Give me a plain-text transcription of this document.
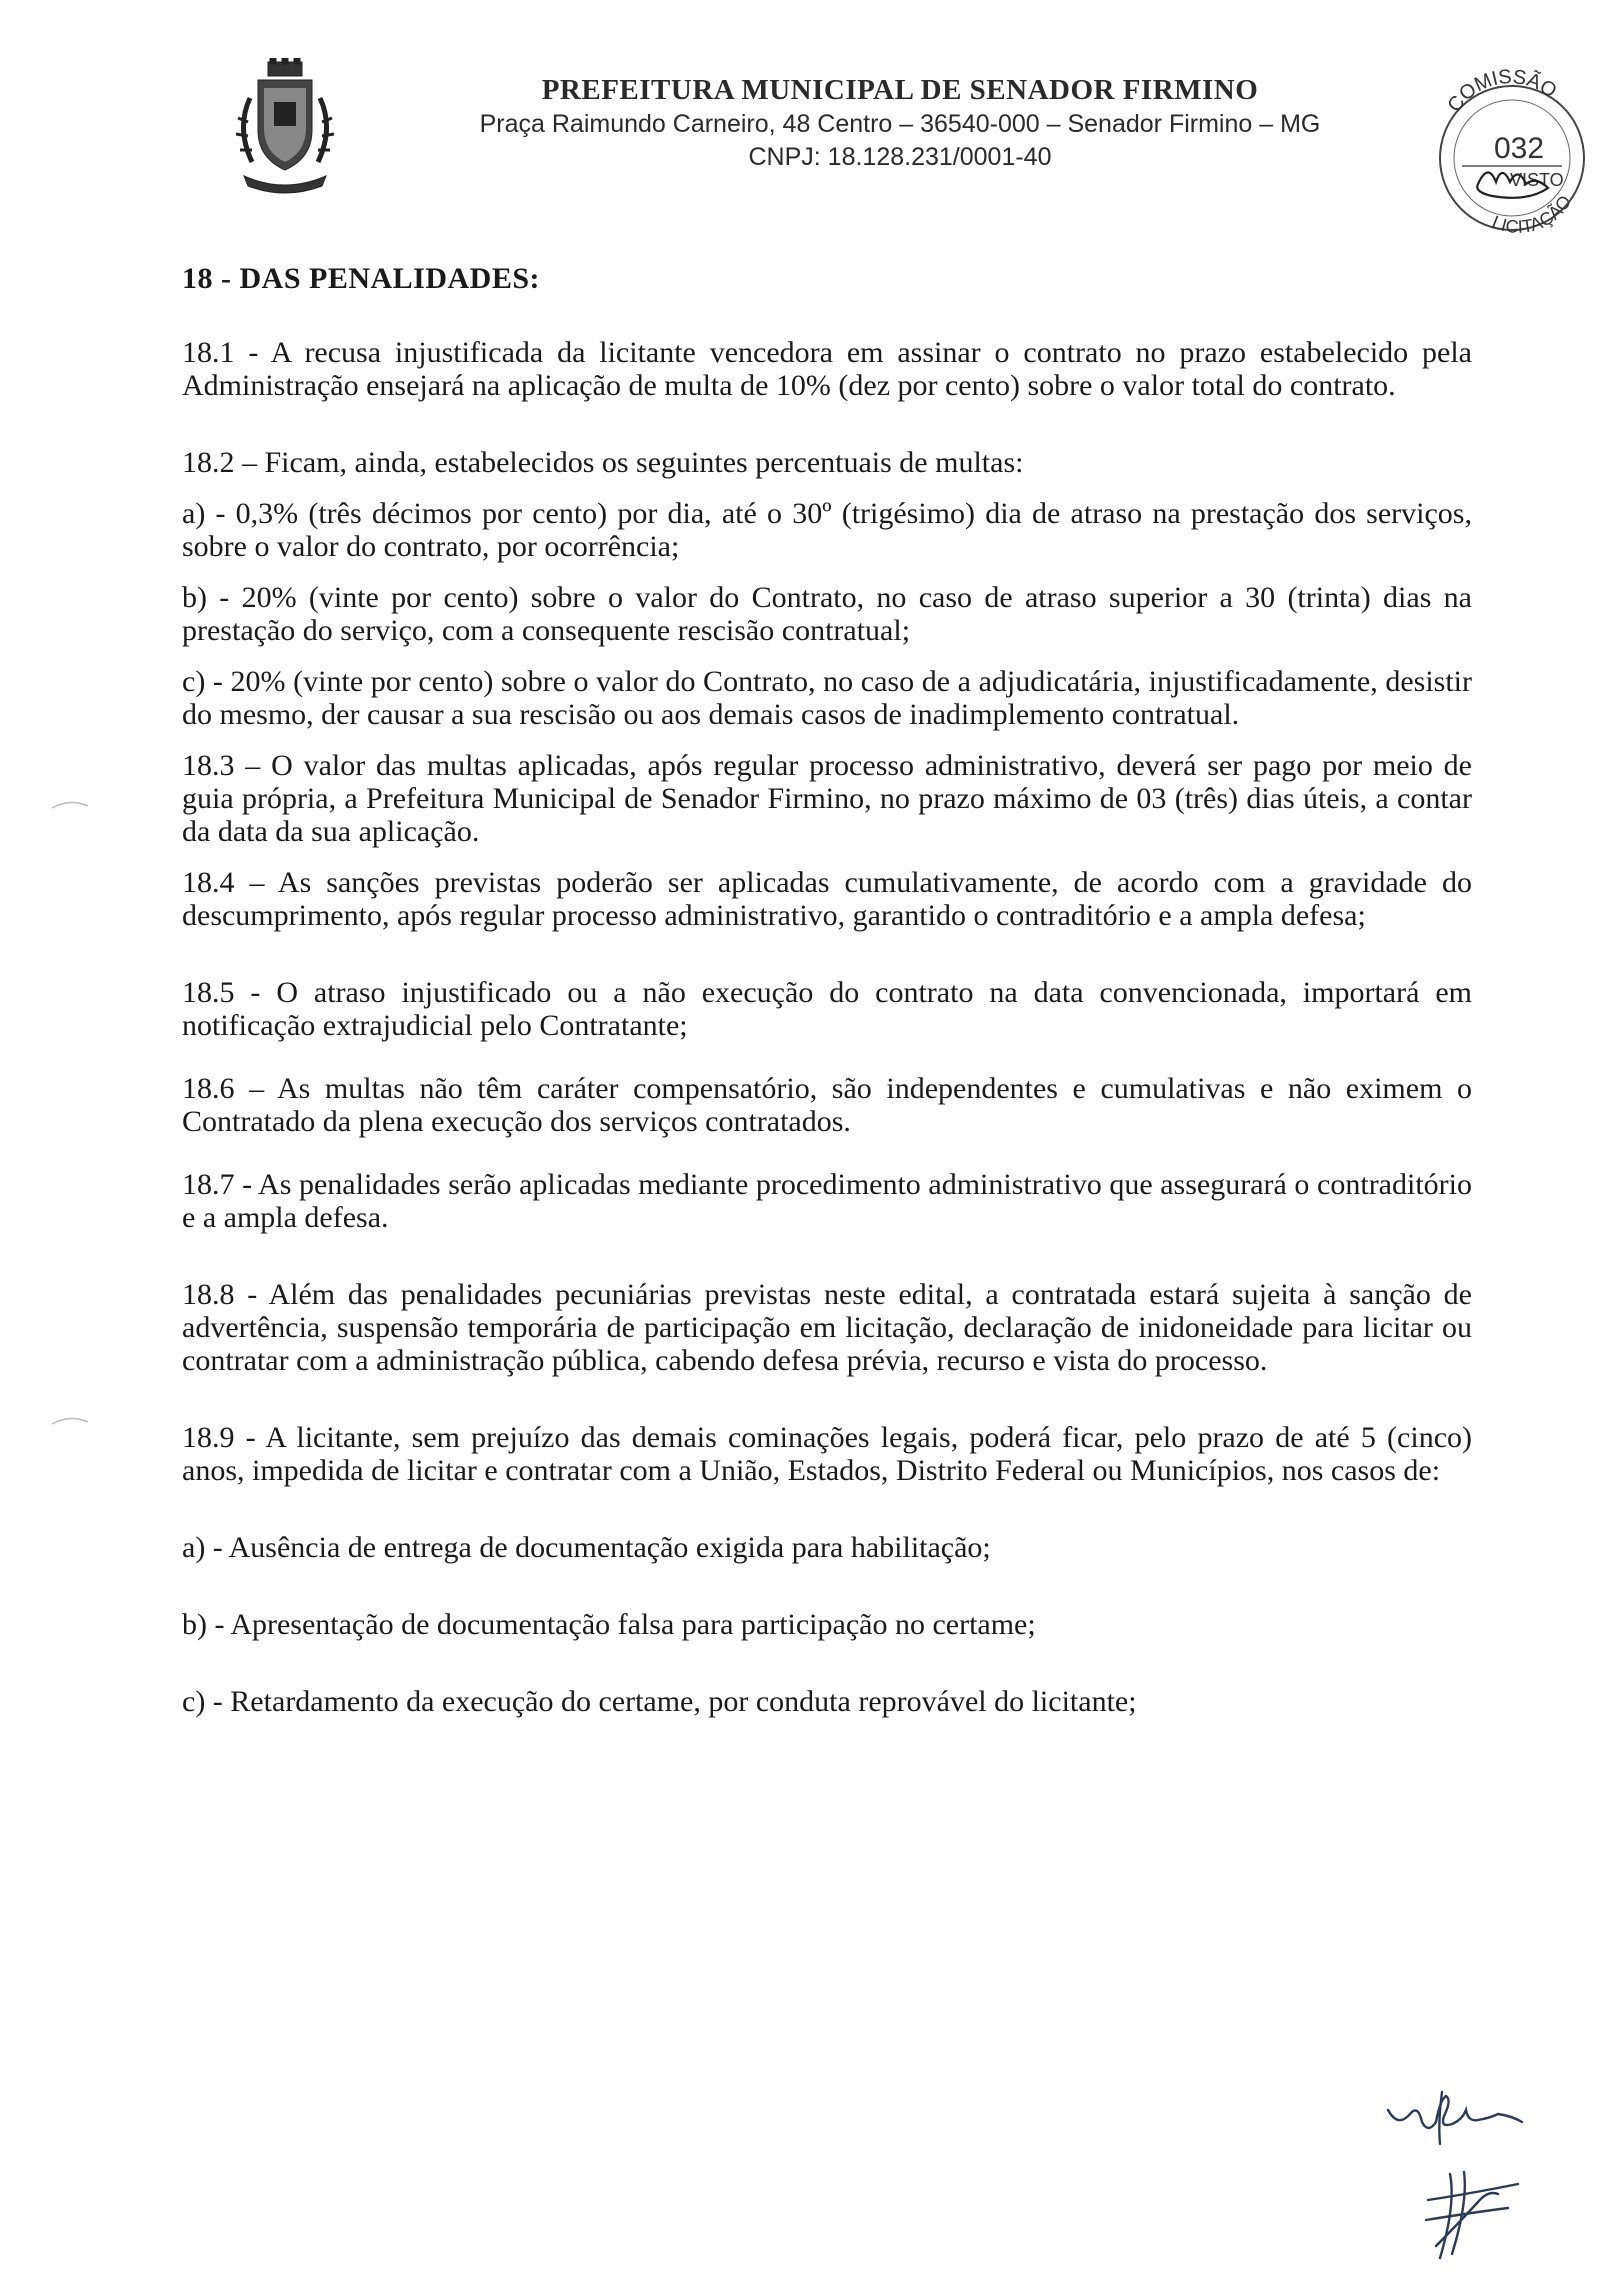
PREFEITURA MUNICIPAL DE SENADOR FIRMINO
Praça Raimundo Carneiro, 48 Centro – 36540-000 – Senador Firmino – MG
CNPJ: 18.128.231/0001-40
COMISSÃO
032
VISTO
LICITAÇÃO
18 - DAS PENALIDADES:

18.1 - A recusa injustificada da licitante vencedora em assinar o contrato no prazo estabelecido pela Administração ensejará na aplicação de multa de 10% (dez por cento) sobre o valor total do contrato.

18.2 – Ficam, ainda, estabelecidos os seguintes percentuais de multas:

a) - 0,3% (três décimos por cento) por dia, até o 30º (trigésimo) dia de atraso na prestação dos serviços, sobre o valor do contrato, por ocorrência;

b) - 20% (vinte por cento) sobre o valor do Contrato, no caso de atraso superior a 30 (trinta) dias na prestação do serviço, com a consequente rescisão contratual;

c) - 20% (vinte por cento) sobre o valor do Contrato, no caso de a adjudicatária, injustificadamente, desistir do mesmo, der causar a sua rescisão ou aos demais casos de inadimplemento contratual.

18.3 – O valor das multas aplicadas, após regular processo administrativo, deverá ser pago por meio de guia própria, a Prefeitura Municipal de Senador Firmino, no prazo máximo de 03 (três) dias úteis, a contar da data da sua aplicação.

18.4 – As sanções previstas poderão ser aplicadas cumulativamente, de acordo com a gravidade do descumprimento, após regular processo administrativo, garantido o contraditório e a ampla defesa;

18.5 - O atraso injustificado ou a não execução do contrato na data convencionada, importará em notificação extrajudicial pelo Contratante;

18.6 – As multas não têm caráter compensatório, são independentes e cumulativas e não eximem o Contratado da plena execução dos serviços contratados.

18.7 - As penalidades serão aplicadas mediante procedimento administrativo que assegurará o contraditório e a ampla defesa.

18.8 - Além das penalidades pecuniárias previstas neste edital, a contratada estará sujeita à sanção de advertência, suspensão temporária de participação em licitação, declaração de inidoneidade para licitar ou contratar com a administração pública, cabendo defesa prévia, recurso e vista do processo.

18.9 - A licitante, sem prejuízo das demais cominações legais, poderá ficar, pelo prazo de até 5 (cinco) anos, impedida de licitar e contratar com a União, Estados, Distrito Federal ou Municípios, nos casos de:

a) - Ausência de entrega de documentação exigida para habilitação;

b) - Apresentação de documentação falsa para participação no certame;

c) - Retardamento da execução do certame, por conduta reprovável do licitante;
